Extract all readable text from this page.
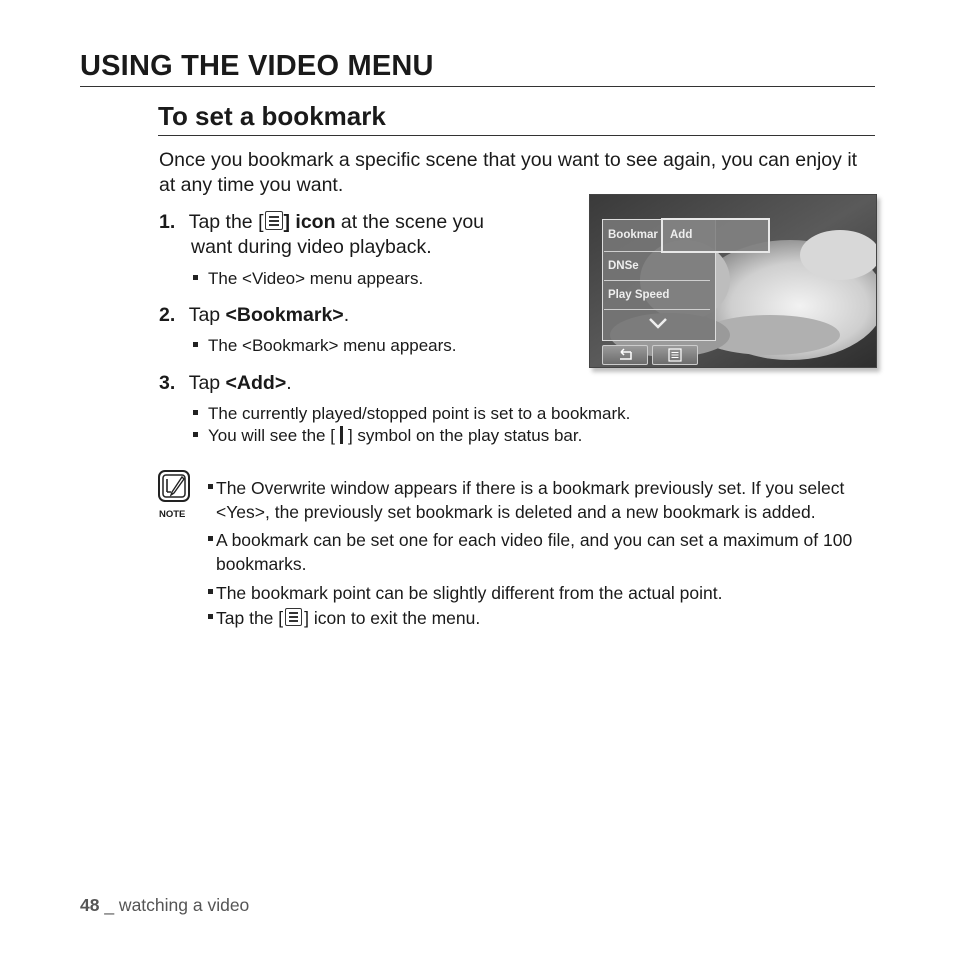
USING THE VIDEO MENU
To set a bookmark
Once you bookmark a specific scene that you want to see again, you can enjoy it at any time you want.
1. Tap the [ ] icon at the scene you
want during video playback.
The <Video> menu appears.
2. Tap <Bookmark>.
The <Bookmark> menu appears.
3. Tap <Add>.
The currently played/stopped point is set to a bookmark.
You will see the [ ] symbol on the play status bar.
Bookmar
DNSe
Play Speed
Add
NOTE
The Overwrite window appears if there is a bookmark previously set. If you select <Yes>, the previously set bookmark is deleted and a new bookmark is added.
A bookmark can be set one for each video file, and you can set a maximum of 100 bookmarks.
The bookmark point can be slightly different from the actual point.
Tap the [ ] icon to exit the menu.
48 _ watching a video
